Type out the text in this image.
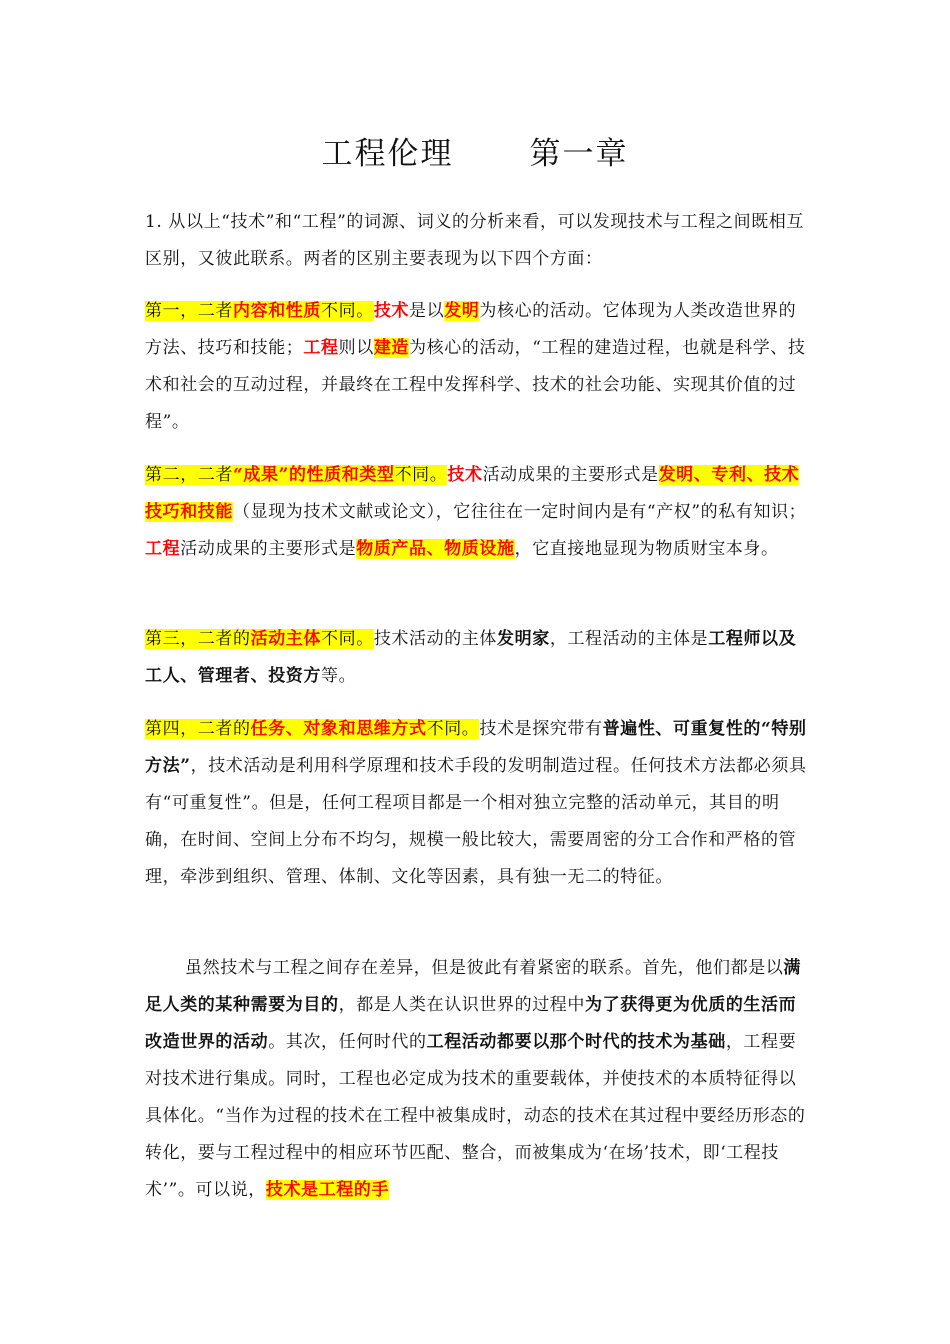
工程伦理 第一章
1. 从以上“技术”和“工程”的词源、词义的分析来看，可以发现技术与工程之间既相互区别，又彼此联系。两者的区别主要表现为以下四个方面：
第一，二者内容和性质不同。技术是以发明为核心的活动。它体现为人类改造世界的方法、技巧和技能；工程则以建造为核心的活动，“工程的建造过程，也就是科学、技术和社会的互动过程，并最终在工程中发挥科学、技术的社会功能、实现其价值的过程”。
第二，二者“成果”的性质和类型不同。技术活动成果的主要形式是发明、专利、技术技巧和技能（显现为技术文献或论文），它往往在一定时间内是有“产权”的私有知识；工程活动成果的主要形式是物质产品、物质设施，它直接地显现为物质财宝本身。
第三，二者的活动主体不同。技术活动的主体发明家，工程活动的主体是工程师以及工人、管理者、投资方等。
第四，二者的任务、对象和思维方式不同。技术是探究带有普遍性、可重复性的“特别方法”，技术活动是利用科学原理和技术手段的发明制造过程。任何技术方法都必须具有“可重复性”。但是，任何工程项目都是一个相对独立完整的活动单元，其目的明确，在时间、空间上分布不均匀，规模一般比较大，需要周密的分工合作和严格的管理，牵涉到组织、管理、体制、文化等因素，具有独一无二的特征。
虽然技术与工程之间存在差异，但是彼此有着紧密的联系。首先，他们都是以满足人类的某种需要为目的，都是人类在认识世界的过程中为了获得更为优质的生活而改造世界的活动。其次，任何时代的工程活动都要以那个时代的技术为基础，工程要对技术进行集成。同时，工程也必定成为技术的重要载体，并使技术的本质特征得以具体化。“当作为过程的技术在工程中被集成时，动态的技术在其过程中要经历形态的转化，要与工程过程中的相应环节匹配、整合，而被集成为‘在场’技术，即‘工程技术’”。可以说，技术是工程的手
